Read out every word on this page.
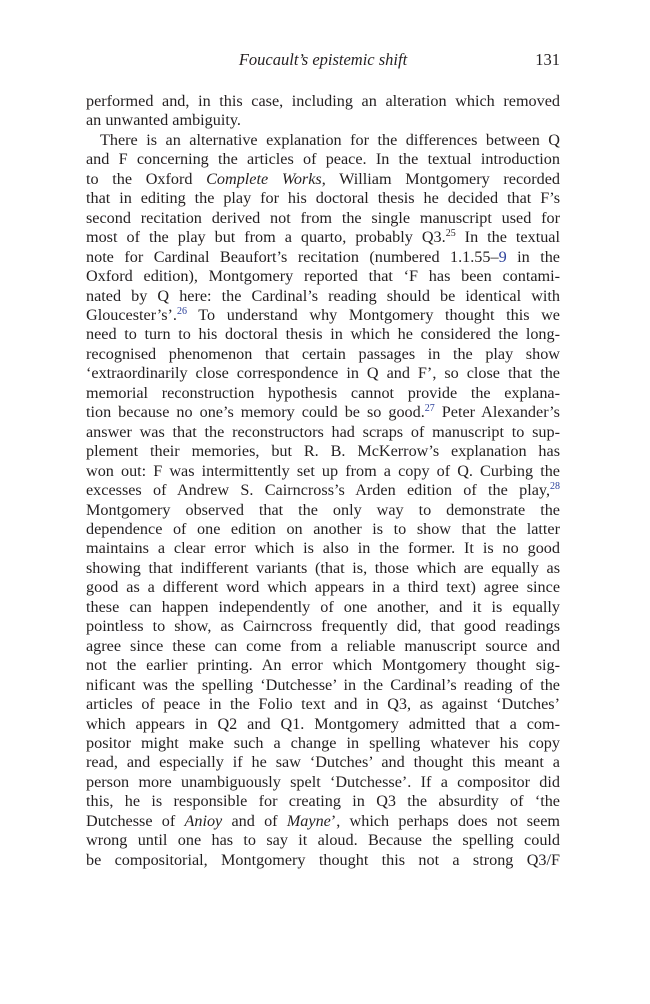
Foucault’s epistemic shift	131

performed and, in this case, including an alteration which removed
an unwanted ambiguity.

There is an alternative explanation for the differences between Q
and F concerning the articles of peace. In the textual introduction
to the Oxford Complete Works, William Montgomery recorded
that in editing the play for his doctoral thesis he decided that F’s
second recitation derived not from the single manuscript used for
most of the play but from a quarto, probably Q3.25 In the textual
note for Cardinal Beaufort’s recitation (numbered 1.1.55–9 in the
Oxford edition), Montgomery reported that ‘F has been contami-
nated by Q here: the Cardinal’s reading should be identical with
Gloucester’s’.$^{26}$ To understand why Montgomery thought this we
need to turn to his doctoral thesis in which he considered the long-
recognised phenomenon that certain passages in the play show
‘extraordinarily close correspondence in Q and F’, so close that the
memorial reconstruction hypothesis cannot provide the explana-
tion because no one’s memory could be so good.$^{27}$ Peter Alexander’s
answer was that the reconstructors had scraps of manuscript to sup-
plement their memories, but R. B. McKerrow’s explanation has
won out: F was intermittently set up from a copy of Q. Curbing the
excesses of Andrew S. Cairncross’s Arden edition of the play,$^{28}$
Montgomery observed that the only way to demonstrate the
dependence of one edition on another is to show that the latter
maintains a clear error which is also in the former. It is no good
showing that indifferent variants (that is, those which are equally as
good as a different word which appears in a third text) agree since
these can happen independently of one another, and it is equally
pointless to show, as Cairncross frequently did, that good readings
agree since these can come from a reliable manuscript source and
not the earlier printing. An error which Montgomery thought sig-
nificant was the spelling ‘Dutchesse’ in the Cardinal’s reading of the
articles of peace in the Folio text and in Q3, as against ‘Dutches’
which appears in Q2 and Q1. Montgomery admitted that a com-
positor might make such a change in spelling whatever his copy
read, and especially if he saw ‘Dutches’ and thought this meant a
person more unambiguously spelt ‘Dutchesse’. If a compositor did
this, he is responsible for creating in Q3 the absurdity of ‘the
Dutchesse of Anioy and of Mayne’, which perhaps does not seem
wrong until one has to say it aloud. Because the spelling could
be compositorial, Montgomery thought this not a strong Q3/F
